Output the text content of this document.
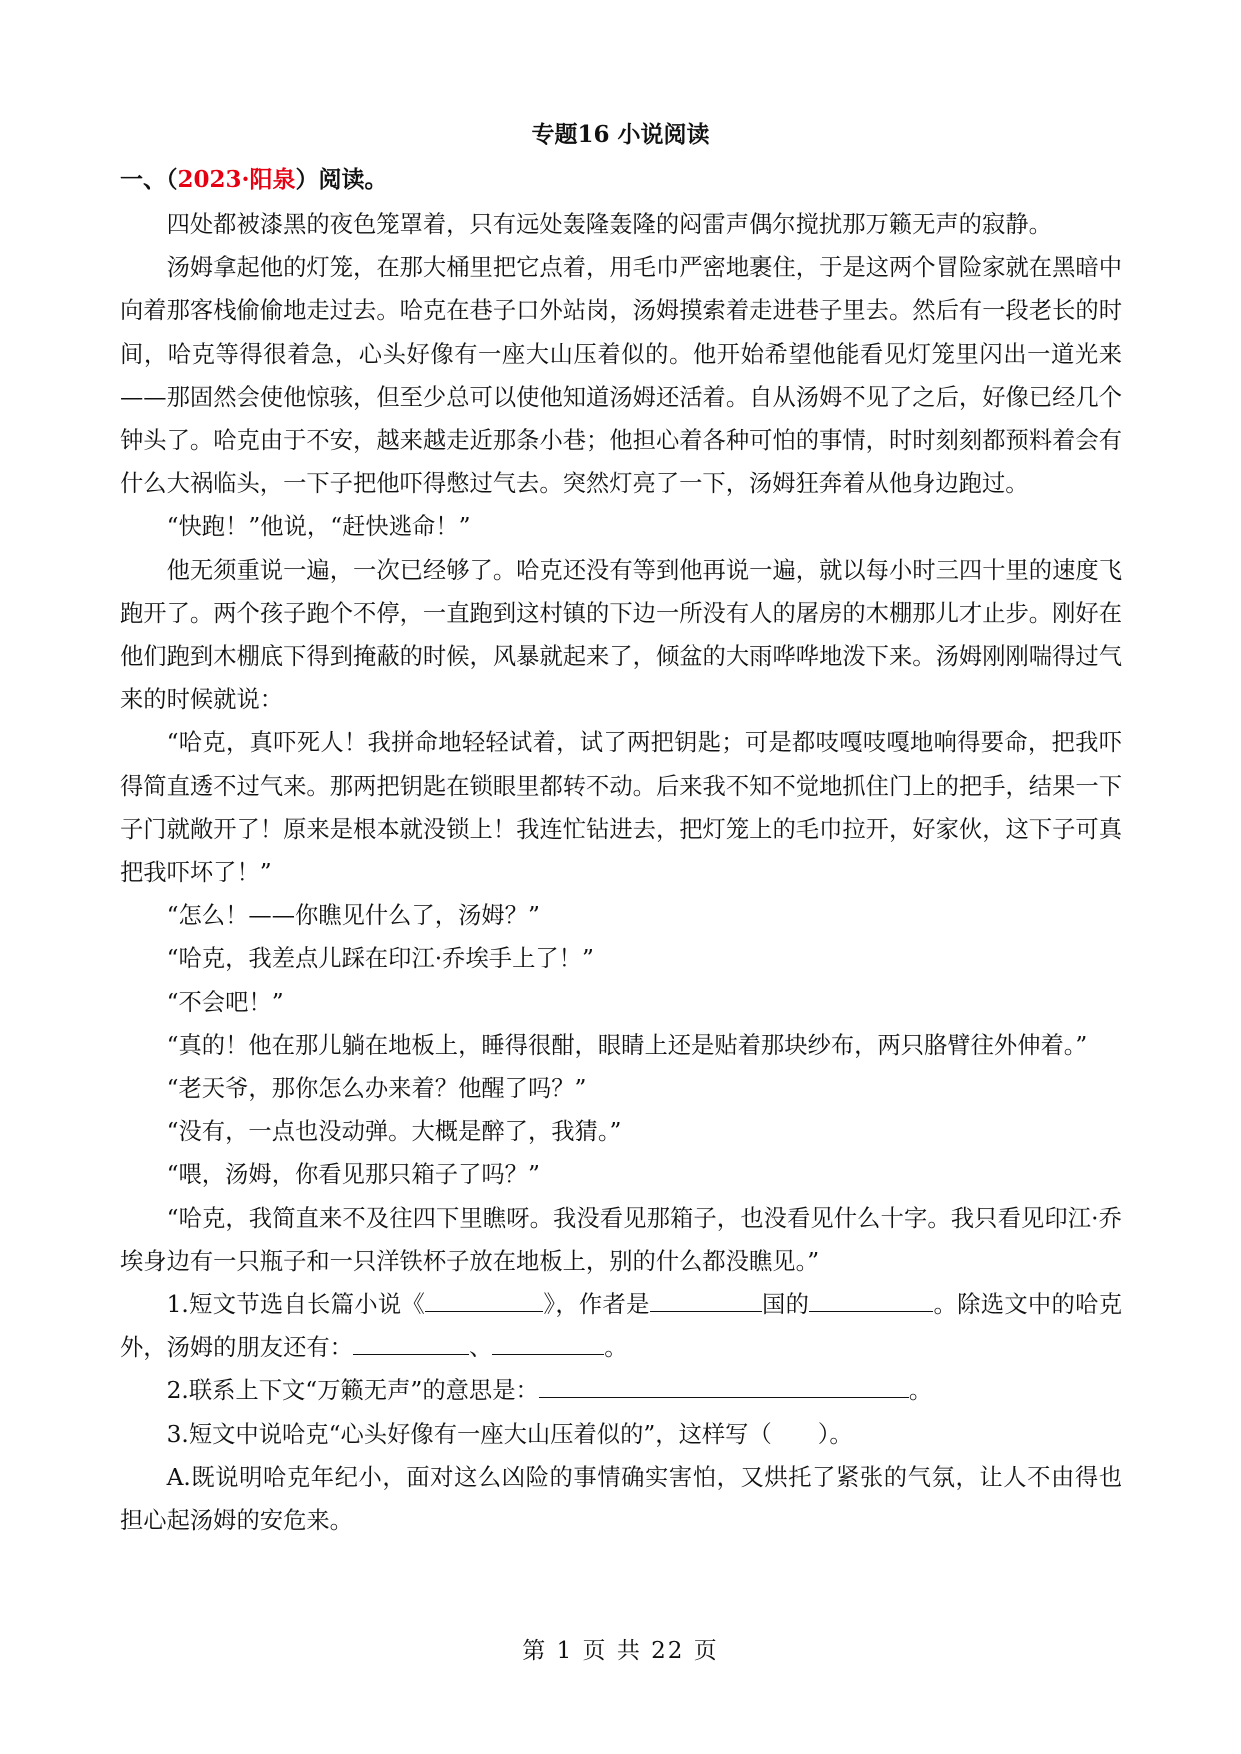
专题16 小说阅读
一、（2023·阳泉）阅读。

四处都被漆黑的夜色笼罩着，只有远处轰隆轰隆的闷雷声偶尔搅扰那万籁无声的寂静。

汤姆拿起他的灯笼，在那大桶里把它点着，用毛巾严密地裹住，于是这两个冒险家就在黑暗中向着那客栈偷偷地走过去。哈克在巷子口外站岗，汤姆摸索着走进巷子里去。然后有一段老长的时间，哈克等得很着急，心头好像有一座大山压着似的。他开始希望他能看见灯笼里闪出一道光来——那固然会使他惊骇，但至少总可以使他知道汤姆还活着。自从汤姆不见了之后，好像已经几个钟头了。哈克由于不安，越来越走近那条小巷；他担心着各种可怕的事情，时时刻刻都预料着会有什么大祸临头，一下子把他吓得憋过气去。突然灯亮了一下，汤姆狂奔着从他身边跑过。

“快跑！”他说，“赶快逃命！”

他无须重说一遍，一次已经够了。哈克还没有等到他再说一遍，就以每小时三四十里的速度飞跑开了。两个孩子跑个不停，一直跑到这村镇的下边一所没有人的屠房的木棚那儿才止步。刚好在他们跑到木棚底下得到掩蔽的时候，风暴就起来了，倾盆的大雨哗哗地泼下来。汤姆刚刚喘得过气来的时候就说：

“哈克，真吓死人！我拼命地轻轻试着，试了两把钥匙；可是都吱嘎吱嘎地响得要命，把我吓得简直透不过气来。那两把钥匙在锁眼里都转不动。后来我不知不觉地抓住门上的把手，结果一下子门就敞开了！原来是根本就没锁上！我连忙钻进去，把灯笼上的毛巾拉开，好家伙，这下子可真把我吓坏了！”

“怎么！——你瞧见什么了，汤姆？”

“哈克，我差点儿踩在印江·乔埃手上了！”

“不会吧！”

“真的！他在那儿躺在地板上，睡得很酣，眼睛上还是贴着那块纱布，两只胳臂往外伸着。”

“老天爷，那你怎么办来着？他醒了吗？”

“没有，一点也没动弹。大概是醉了，我猜。”

“喂，汤姆，你看见那只箱子了吗？”

“哈克，我简直来不及往四下里瞧呀。我没看见那箱子，也没看见什么十字。我只看见印江·乔埃身边有一只瓶子和一只洋铁杯子放在地板上，别的什么都没瞧见。”

1.短文节选自长篇小说《	》，作者是	国的	。除选文中的哈克外，汤姆的朋友还有：	、	。

2.联系上下文“万籁无声”的意思是：	。

3.短文中说哈克“心头好像有一座大山压着似的”，这样写（ ）。

A.既说明哈克年纪小，面对这么凶险的事情确实害怕，又烘托了紧张的气氛，让人不由得也担心起汤姆的安危来。

第 1 页 共 22 页
